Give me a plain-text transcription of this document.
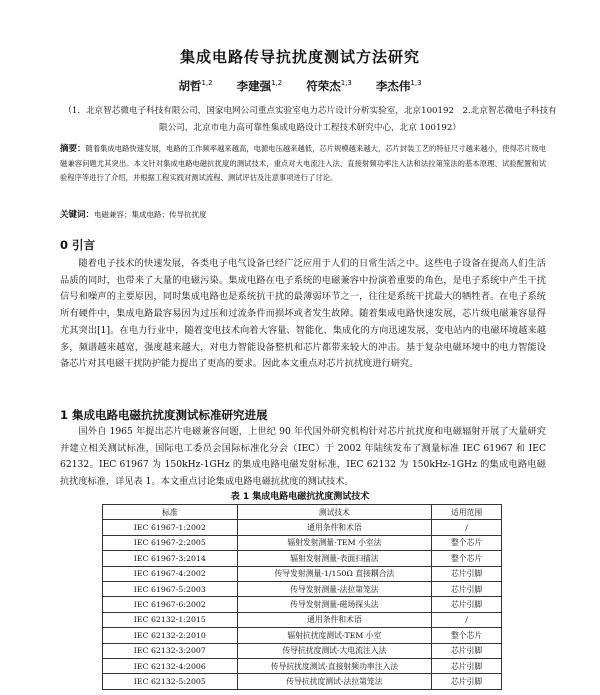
集成电路传导抗扰度测试方法研究
胡哲$^{1,2}$ 李建强$^{1,2}$ 符荣杰$^{1,3}$ 李杰伟$^{1,3}$
（1．北京智芯微电子科技有限公司，国家电网公司重点实验室电力芯片设计分析实验室，北京100192　2.北京智芯微电子科技有限公司，北京市电力高可靠性集成电路设计工程技术研究中心，北京 100192）
摘要：随着集成电路快速发展，电路的工作频率越来越高，电源电压越来越低，芯片规模越来越大，芯片封装工艺的特征尺寸越来越小，使得芯片级电磁兼容问题尤其突出。本文针对集成电路电磁抗扰度的测试技术，重点对大电流注入法、直接射频功率注入法和法拉第笼法的基本原理、试验配置和试验程序等进行了介绍，并根据工程实践对测试流程、测试评估及注意事项进行了讨论。
关键词：电磁兼容；集成电路；传导抗扰度
0 引言
随着电子技术的快速发展，各类电子电气设备已经广泛应用于人们的日常生活之中。这些电子设备在提高人们生活品质的同时，也带来了大量的电磁污染。集成电路在电子系统的电磁兼容中扮演着重要的角色，是电子系统中产生干扰信号和噪声的主要原因，同时集成电路也是系统抗干扰的最薄弱环节之一，往往是系统干扰最大的牺牲者。在电子系统所有硬件中，集成电路最容易因为过压和过流条件而损坏或者发生故障。随着集成电路快速发展，芯片级电磁兼容显得尤其突出[1]。在电力行业中，随着变电技术向着大容量、智能化、集成化的方向迅速发展，变电站内的电磁环境越来越多，频谱越来越宽，强度越来越大，对电力智能设备整机和芯片都带来较大的冲击。基于复杂电磁环境中的电力智能设备芯片对其电磁干扰防护能力提出了更高的要求。因此本文重点对芯片抗扰度进行研究。
1 集成电路电磁抗扰度测试标准研究进展
国外自 1965 年提出芯片电磁兼容问题，上世纪 90 年代国外研究机构针对芯片抗扰度和电磁辐射开展了大量研究并建立相关测试标准，国际电工委员会国际标准化分会（IEC）于 2002 年陆续发布了测量标准 IEC 61967 和 IEC 62132。IEC 61967 为 150kHz-1GHz 的集成电路电磁发射标准，IEC 62132 为 150kHz-1GHz 的集成电路电磁抗扰度标准，详见表 1。本文重点讨论集成电路电磁抗扰度的测试技术。
表 1 集成电路电磁抗扰度测试技术
标准	测试技术	适用范围
IEC 61967-1:2002	通用条件和术语	/
IEC 61967-2:2005	辐射发射测量-TEM 小室法	整个芯片
IEC 61967-3:2014	辐射发射测量-表面扫描法	整个芯片
IEC 61967-4:2002	传导发射测量-1/150Ω 直接耦合法	芯片引脚
IEC 61967-5:2003	传导发射测量-法拉第笼法	芯片引脚
IEC 61967-6:2002	传导发射测量-磁场探头法	芯片引脚
IEC 62132-1:2015	通用条件和术语	/
IEC 62132-2:2010	辐射抗扰度测试-TEM 小室	整个芯片
IEC 62132-3:2007	传导抗扰度测试-大电流注入法	芯片引脚
IEC 62132-4:2006	传导抗扰度测试-直接射频功率注入法	芯片引脚
IEC 62132-5:2005	传导抗扰度测试-法拉第笼法	芯片引脚
